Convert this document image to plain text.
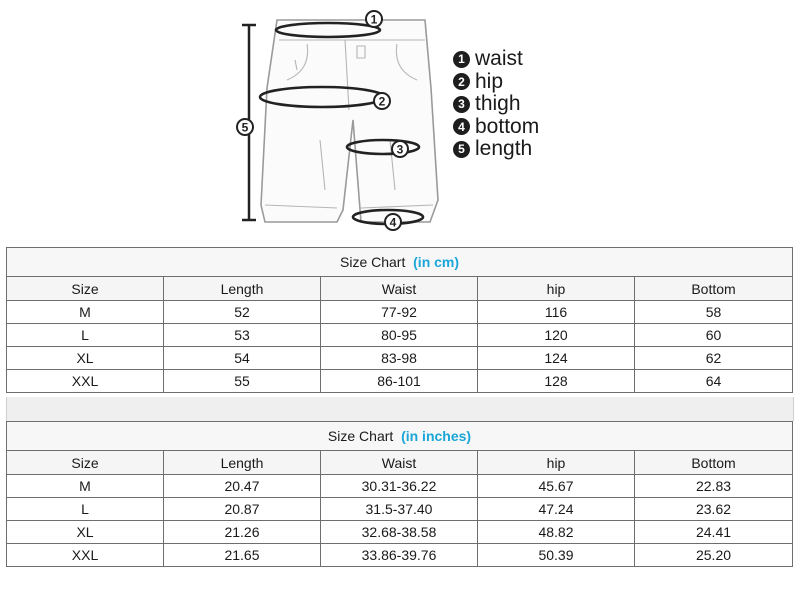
1
2
3
4
5
1 waist
2 hip
3 thigh
4 bottom
5 length
Size Chart (in cm)				
Size	Length	Waist	hip	Bottom
M	52	77-92	116	58
L	53	80-95	120	60
XL	54	83-98	124	62
XXL	55	86-101	128	64
Size Chart (in inches)				
Size	Length	Waist	hip	Bottom
M	20.47	30.31-36.22	45.67	22.83
L	20.87	31.5-37.40	47.24	23.62
XL	21.26	32.68-38.58	48.82	24.41
XXL	21.65	33.86-39.76	50.39	25.20
